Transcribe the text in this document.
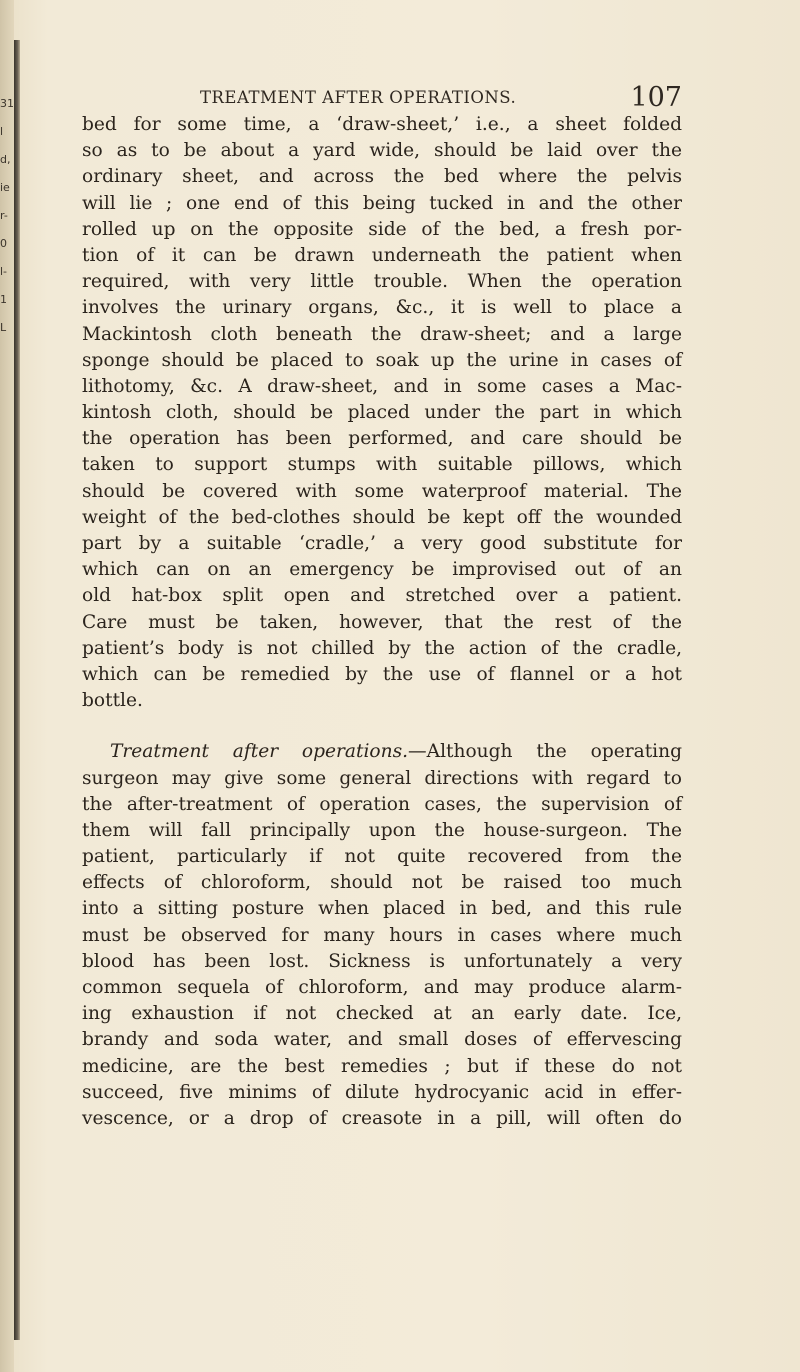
31
l
d,
ie
r-
0
l-
1
L
TREATMENT AFTER OPERATIONS.	107
bed for some time, a ‘draw-sheet,’ i.e., a sheet folded
so as to be about a yard wide, should be laid over the
ordinary sheet, and across the bed where the pelvis
will lie ; one end of this being tucked in and the other
rolled up on the opposite side of the bed, a fresh por-
tion of it can be drawn underneath the patient when
required, with very little trouble. When the operation
involves the urinary organs, &c., it is well to place a
Mackintosh cloth beneath the draw-sheet; and a large
sponge should be placed to soak up the urine in cases of
lithotomy, &c. A draw-sheet, and in some cases a Mac-
kintosh cloth, should be placed under the part in which
the operation has been performed, and care should be
taken to support stumps with suitable pillows, which
should be covered with some waterproof material. The
weight of the bed-clothes should be kept off the wounded
part by a suitable ‘cradle,’ a very good substitute for
which can on an emergency be improvised out of an
old hat-box split open and stretched over a patient.
Care must be taken, however, that the rest of the
patient’s body is not chilled by the action of the cradle,
which can be remedied by the use of flannel or a hot
bottle.
Treatment after operations.—Although the operating
surgeon may give some general directions with regard to
the after-treatment of operation cases, the supervision of
them will fall principally upon the house-surgeon. The
patient, particularly if not quite recovered from the
effects of chloroform, should not be raised too much
into a sitting posture when placed in bed, and this rule
must be observed for many hours in cases where much
blood has been lost. Sickness is unfortunately a very
common sequela of chloroform, and may produce alarm-
ing exhaustion if not checked at an early date. Ice,
brandy and soda water, and small doses of effervescing
medicine, are the best remedies ; but if these do not
succeed, five minims of dilute hydrocyanic acid in effer-
vescence, or a drop of creasote in a pill, will often do
